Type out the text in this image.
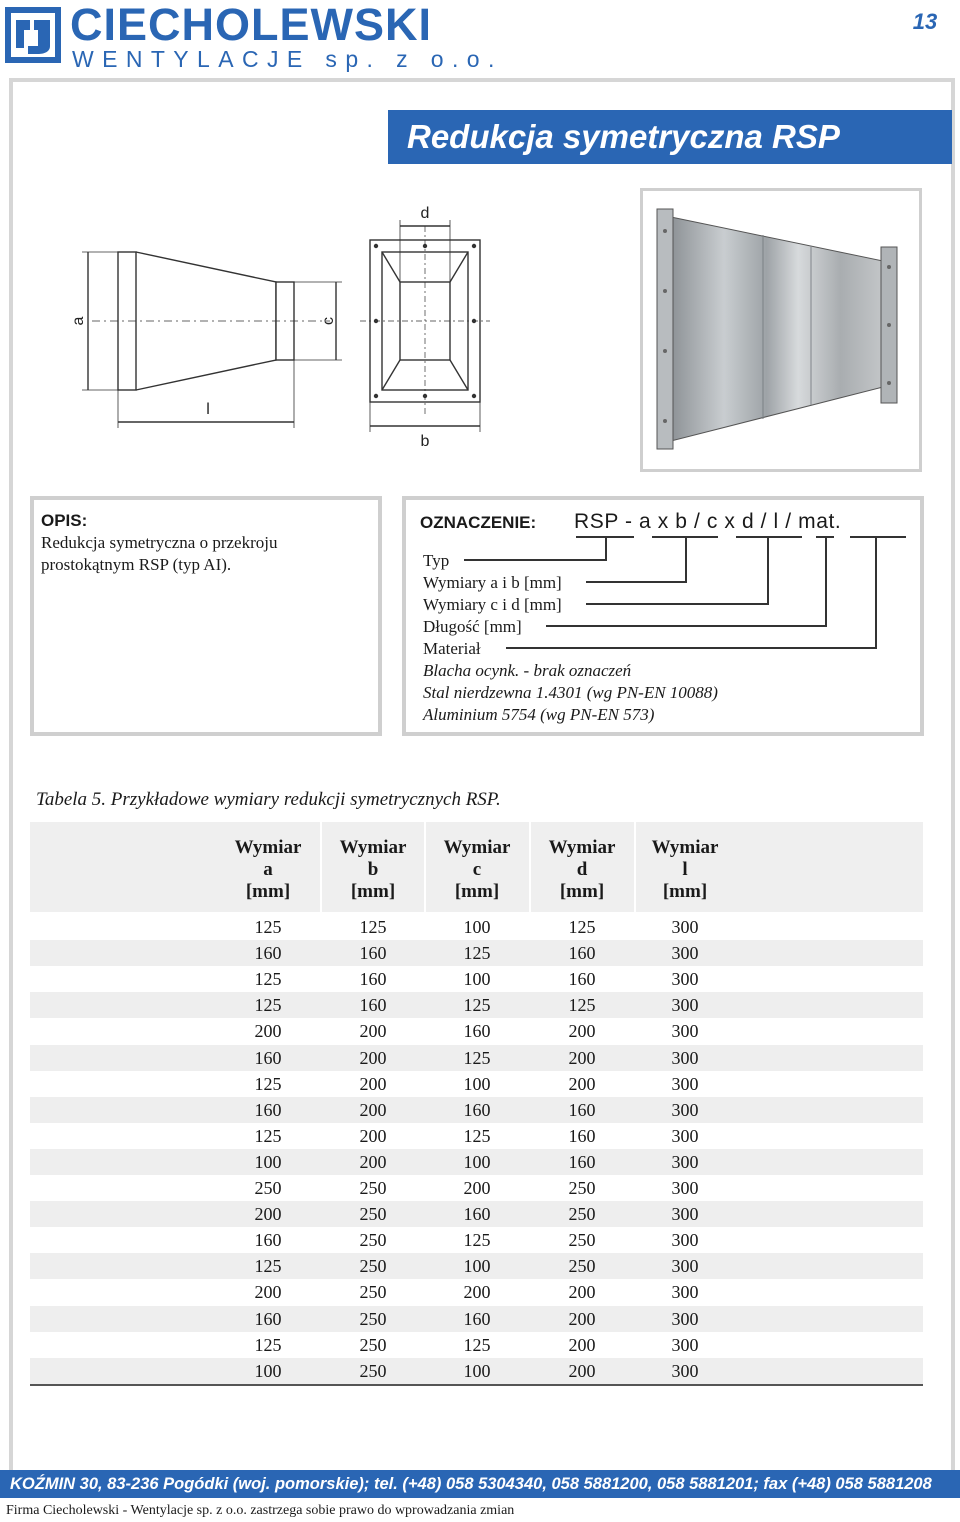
CIECHOLEWSKI
WENTYLACJE sp. z o.o.
13
Redukcja symetryczna RSP
a	c
l
d
b
OPIS:
Redukcja symetryczna o przekroju prostokątnym RSP (typ AI).
OZNACZENIE: RSP - a x b / c x d / l / mat.
Typ
Wymiary a i b [mm]
Wymiary c i d [mm]
Długość [mm]
Materiał
Blacha ocynk. - brak oznaczeń
Stal nierdzewna 1.4301 (wg PN-EN 10088)
Aluminium 5754 (wg PN-EN 573)
Tabela 5. Przykładowe wymiary redukcji symetrycznych RSP.
Wymiar
a
[mm]
Wymiar
b
[mm]
Wymiar
c
[mm]
Wymiar
d
[mm]
Wymiar
l
[mm]
125	125	100	125	300
160	160	125	160	300
125	160	100	160	300
125	160	125	125	300
200	200	160	200	300
160	200	125	200	300
125	200	100	200	300
160	200	160	160	300
125	200	125	160	300
100	200	100	160	300
250	250	200	250	300
200	250	160	250	300
160	250	125	250	300
125	250	100	250	300
200	250	200	200	300
160	250	160	200	300
125	250	125	200	300
100	250	100	200	300
KOŹMIN 30, 83-236 Pogódki (woj. pomorskie); tel. (+48) 058 5304340, 058 5881200, 058 5881201; fax (+48) 058 5881208
Firma Ciecholewski - Wentylacje sp. z o.o. zastrzega sobie prawo do wprowadzania zmian
